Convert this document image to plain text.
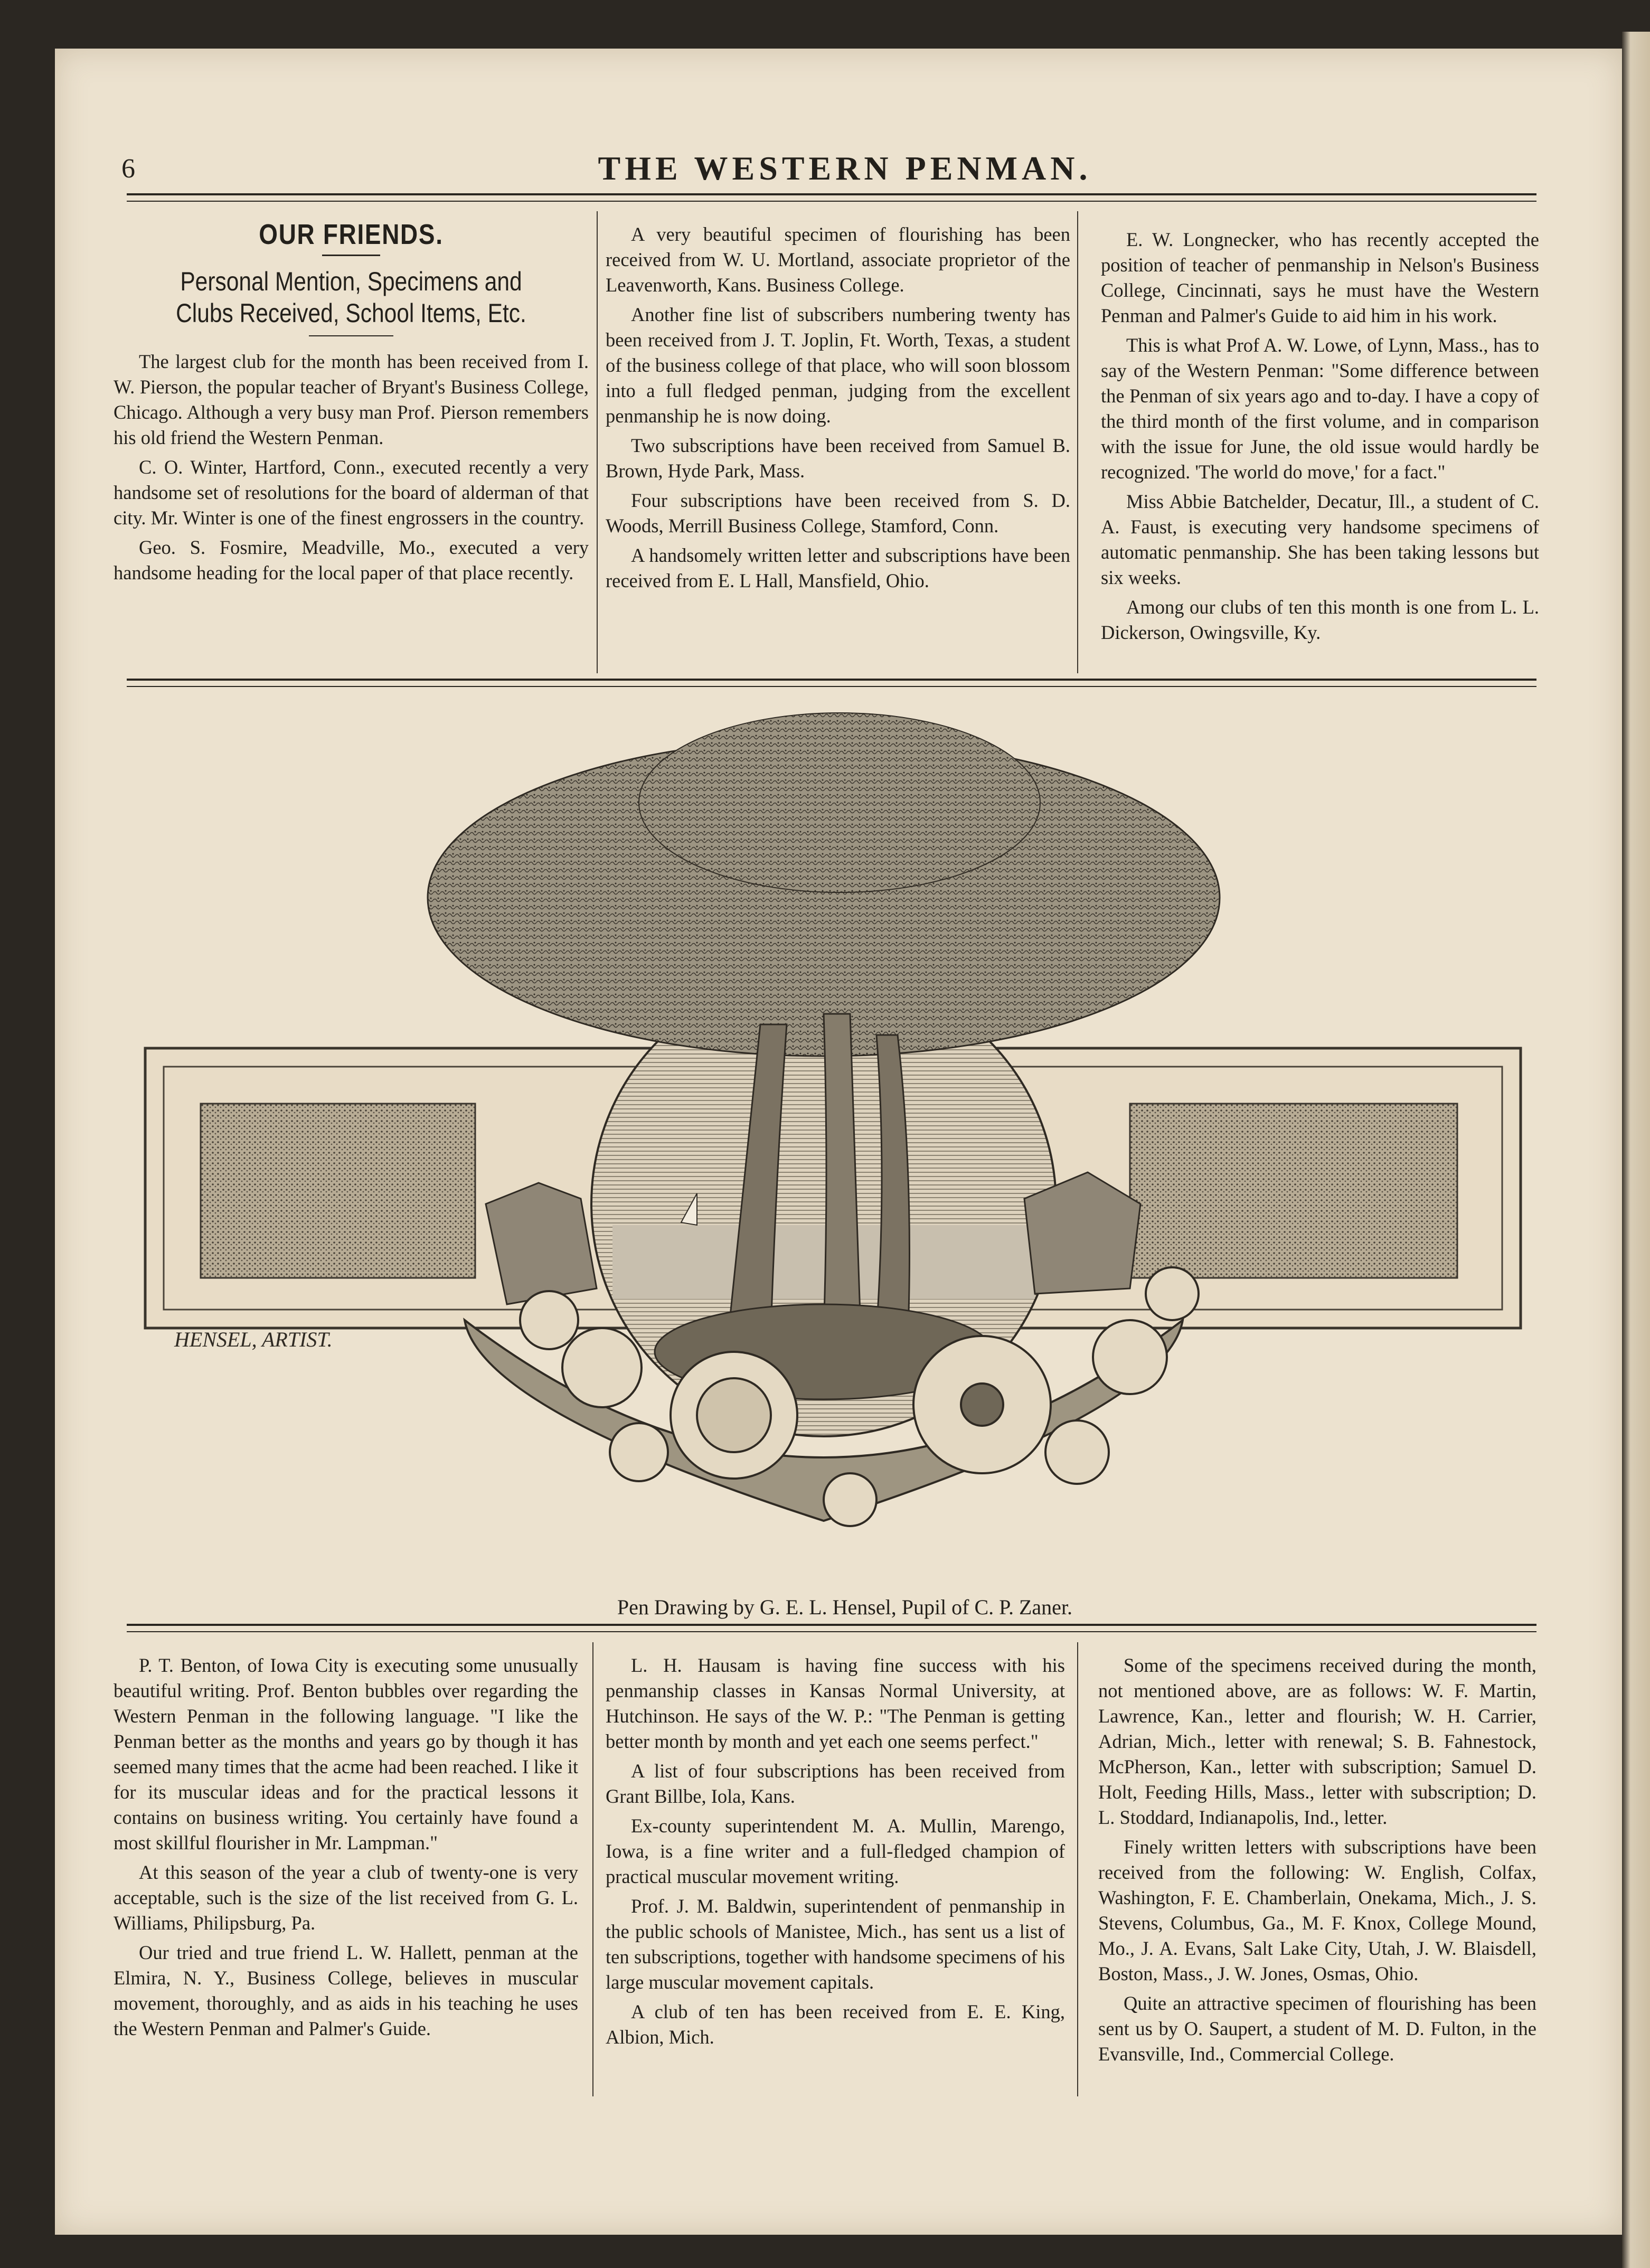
6	THE WESTERN PENMAN.
OUR FRIENDS.
Personal Mention, Specimens and Clubs Received, School Items, Etc.

The largest club for the month has been received from I. W. Pierson, the popular teacher of Bryant's Business College, Chicago. Although a very busy man Prof. Pierson remembers his old friend the Western Penman.

C. O. Winter, Hartford, Conn., executed recently a very handsome set of resolutions for the board of alderman of that city. Mr. Winter is one of the finest engrossers in the country.

Geo. S. Fosmire, Meadville, Mo., executed a very handsome heading for the local paper of that place recently.

A very beautiful specimen of flourishing has been received from W. U. Mortland, associate proprietor of the Leavenworth, Kans. Business College.

Another fine list of subscribers numbering twenty has been received from J. T. Joplin, Ft. Worth, Texas, a student of the business college of that place, who will soon blossom into a full fledged penman, judging from the excellent penmanship he is now doing.

Two subscriptions have been received from Samuel B. Brown, Hyde Park, Mass.

Four subscriptions have been received from S. D. Woods, Merrill Business College, Stamford, Conn.

A handsomely written letter and subscriptions have been received from E. L Hall, Mansfield, Ohio.

E. W. Longnecker, who has recently accepted the position of teacher of penmanship in Nelson's Business College, Cincinnati, says he must have the Western Penman and Palmer's Guide to aid him in his work.

This is what Prof A. W. Lowe, of Lynn, Mass., has to say of the Western Penman: "Some difference between the Penman of six years ago and to-day. I have a copy of the third month of the first volume, and in comparison with the issue for June, the old issue would hardly be recognized. 'The world do move,' for a fact."

Miss Abbie Batchelder, Decatur, Ill., a student of C. A. Faust, is executing very handsome specimens of automatic penmanship. She has been taking lessons but six weeks.

Among our clubs of ten this month is one from L. L. Dickerson, Owingsville, Ky.

HENSEL, ARTIST.
Pen Drawing by G. E. L. Hensel, Pupil of C. P. Zaner.

P. T. Benton, of Iowa City is executing some unusually beautiful writing. Prof. Benton bubbles over regarding the Western Penman in the following language. "I like the Penman better as the months and years go by though it has seemed many times that the acme had been reached. I like it for its muscular ideas and for the practical lessons it contains on business writing. You certainly have found a most skillful flourisher in Mr. Lampman."

At this season of the year a club of twenty-one is very acceptable, such is the size of the list received from G. L. Williams, Philipsburg, Pa.

Our tried and true friend L. W. Hallett, penman at the Elmira, N. Y., Business College, believes in muscular movement, thoroughly, and as aids in his teaching he uses the Western Penman and Palmer's Guide.

L. H. Hausam is having fine success with his penmanship classes in Kansas Normal University, at Hutchinson. He says of the W. P.: "The Penman is getting better month by month and yet each one seems perfect."

A list of four subscriptions has been received from Grant Billbe, Iola, Kans.

Ex-county superintendent M. A. Mullin, Marengo, Iowa, is a fine writer and a full-fledged champion of practical muscular movement writing.

Prof. J. M. Baldwin, superintendent of penmanship in the public schools of Manistee, Mich., has sent us a list of ten subscriptions, together with handsome specimens of his large muscular movement capitals.

A club of ten has been received from E. E. King, Albion, Mich.

Some of the specimens received during the month, not mentioned above, are as follows: W. F. Martin, Lawrence, Kan., letter and flourish; W. H. Carrier, Adrian, Mich., letter with renewal; S. B. Fahnestock, McPherson, Kan., letter with subscription; Samuel D. Holt, Feeding Hills, Mass., letter with subscription; D. L. Stoddard, Indianapolis, Ind., letter.

Finely written letters with subscriptions have been received from the following: W. English, Colfax, Washington, F. E. Chamberlain, Onekama, Mich., J. S. Stevens, Columbus, Ga., M. F. Knox, College Mound, Mo., J. A. Evans, Salt Lake City, Utah, J. W. Blaisdell, Boston, Mass., J. W. Jones, Osmas, Ohio.

Quite an attractive specimen of flourishing has been sent us by O. Saupert, a student of M. D. Fulton, in the Evansville, Ind., Commercial College.
